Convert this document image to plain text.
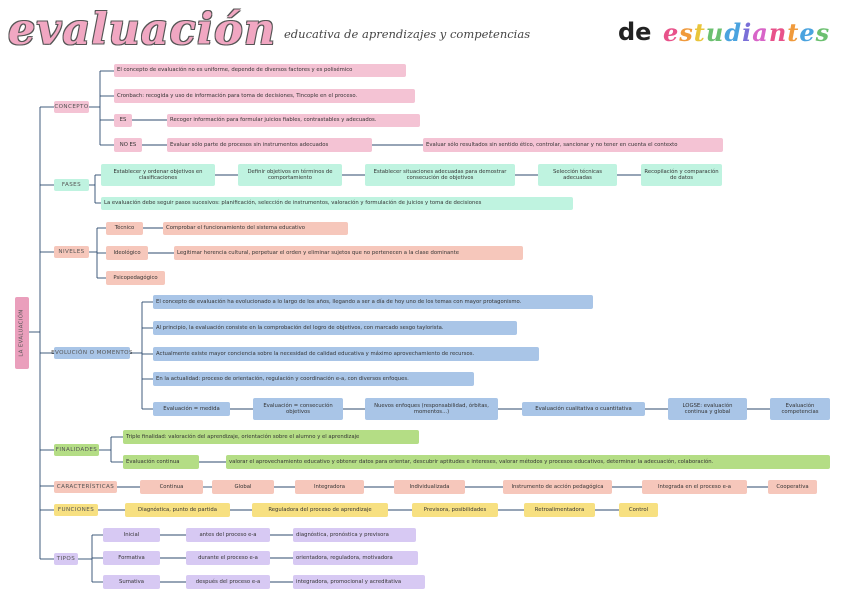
evaluación educativa de aprendizajes y competencias	de estudiantes
LA EVALUACIÓN
CONCEPTO
El concepto de evaluación no es uniforme, depende de diversos factores y es polisémico
Cronbach: recogida y uso de información para toma de decisiones, Tincople en el proceso.
ES	Recoger información para formular juicios fiables, contrastables y adecuados.
NO ES	Evaluar sólo parte de procesos sin instrumentos adecuados	Evaluar sólo resultados sin sentido ético, controlar, sancionar y no tener en cuenta el contexto
FASES
Establecer y ordenar objetivos en clasificaciones
Definir objetivos en términos de comportamiento
Establecer situaciones adecuadas para demostrar consecución de objetivos
Selección técnicas adecuadas
Recopilación y comparación de datos
La evaluación debe seguir pasos sucesivos: planificación, selección de instrumentos, valoración y formulación de juicios y toma de decisiones
NIVELES
Técnico	Comprobar el funcionamiento del sistema educativo
Ideológico	Legitimar herencia cultural, perpetuar el orden y eliminar sujetos que no pertenecen a la clase dominante
Psicopedagógico
EVOLUCIÓN O MOMENTOS
El concepto de evaluación ha evolucionado a lo largo de los años, llegando a ser a día de hoy uno de los temas con mayor protagonismo.
Al principio, la evaluación consiste en la comprobación del logro de objetivos, con marcado sesgo taylorista.
Actualmente existe mayor conciencia sobre la necesidad de calidad educativa y máximo aprovechamiento de recursos.
En la actualidad: proceso de orientación, regulación y coordinación e-a, con diversos enfoques.
Evaluación = medida
Evaluación = consecución objetivos
Nuevos enfoques (responsabilidad, órbitas, momentos...)
Evaluación cualitativa o cuantitativa
LOGSE: evaluación continua y global
Evaluación competencias
FINALIDADES
Triple finalidad: valoración del aprendizaje, orientación sobre el alumno y el aprendizaje
Evaluación continua	valorar el aprovechamiento educativo y obtener datos para orientar, descubrir aptitudes e intereses, valorar métodos y procesos educativos, determinar la adecuación, colaboración.
CARACTERÍSTICAS	Continua	Global	Integradora	Individualizada	Instrumento de acción pedagógica	Integrada en el proceso e-a	Cooperativa
FUNCIONES	Diagnóstica, punto de partida	Reguladora del proceso de aprendizaje	Previsora, posibilidades	Retroalimentadora	Control
TIPOS
Inicial	antes del proceso e-a	diagnóstica, pronóstica y previsora
Formativa	durante el proceso e-a	orientadora, reguladora, motivadora
Sumativa	después del proceso e-a	integradora, promocional y acreditativa
